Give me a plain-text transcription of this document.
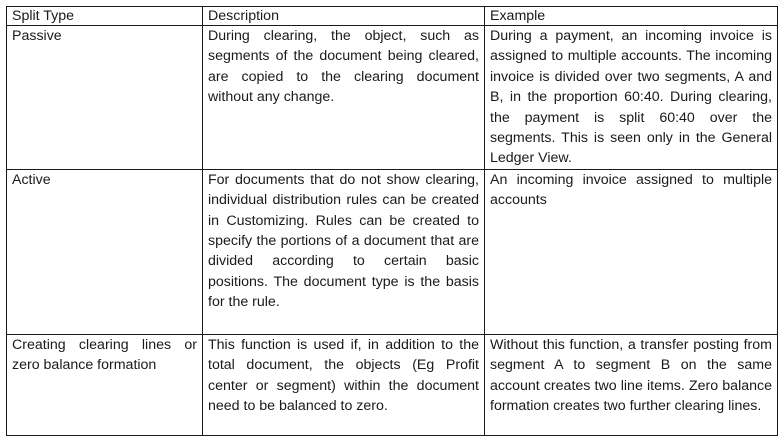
Split Type	Description	Example
Passive	During clearing, the object, such as segments of the document being cleared, are copied to the clearing document without any change.	During a payment, an incoming invoice is assigned to multiple accounts. The incoming invoice is divided over two segments, A and B, in the proportion 60:40. During clearing, the payment is split 60:40 over the segments. This is seen only in the General Ledger View.
Active	For documents that do not show clearing, individual distribution rules can be created in Customizing. Rules can be created to specify the portions of a document that are divided according to certain basic positions. The document type is the basis for the rule.	An incoming invoice assigned to multiple accounts
Creating clearing lines or zero balance formation	This function is used if, in addition to the total document, the objects (Eg Profit center or segment) within the document need to be balanced to zero.	Without this function, a transfer posting from segment A to segment B on the same account creates two line items. Zero balance formation creates two further clearing lines.
